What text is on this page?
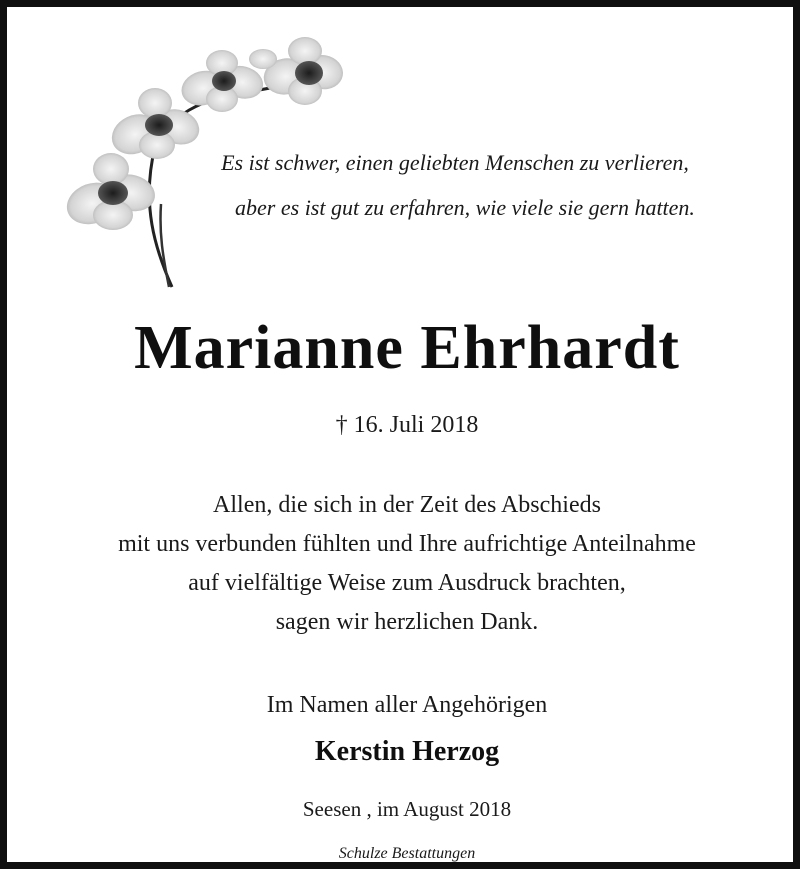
Es ist schwer, einen geliebten Menschen zu verlieren,
aber es ist gut zu erfahren, wie viele sie gern hatten.
Marianne Ehrhardt
† 16. Juli 2018
Allen, die sich in der Zeit des Abschieds
mit uns verbunden fühlten und Ihre aufrichtige Anteilnahme
auf vielfältige Weise zum Ausdruck brachten,
sagen wir herzlichen Dank.
Im Namen aller Angehörigen
Kerstin Herzog
Seesen , im August 2018
Schulze Bestattungen
